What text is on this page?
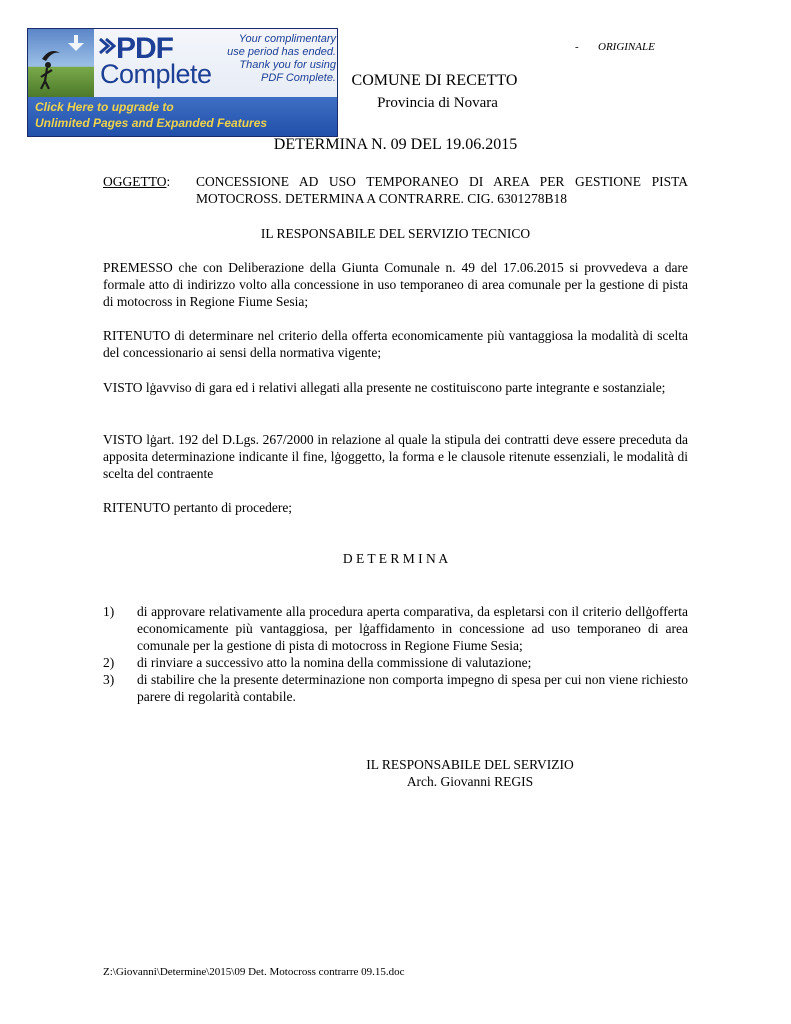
- ORIGINALE
COMUNE DI RECETTO
Provincia di Novara
PDF
Complete
Your complimentary
use period has ended.
Thank you for using
PDF Complete.
Click Here to upgrade to
Unlimited Pages and Expanded Features
DETERMINA N. 09 DEL 19.06.2015
OGGETTO: CONCESSIONE AD USO TEMPORANEO DI AREA PER GESTIONE PISTA
MOTOCROSS. DETERMINA A CONTRARRE. CIG. 6301278B18
IL RESPONSABILE DEL SERVIZIO TECNICO
PREMESSO che con Deliberazione della Giunta Comunale n. 49 del 17.06.2015 si provvedeva a dare formale atto di indirizzo volto alla concessione in uso temporaneo di area comunale per la gestione di pista di motocross in Regione Fiume Sesia;
RITENUTO di determinare nel criterio della offerta economicamente più vantaggiosa la modalità di scelta del concessionario ai sensi della normativa vigente;
VISTO lġavviso di gara ed i relativi allegati alla presente ne costituiscono parte integrante e sostanziale;
VISTO lġart. 192 del D.Lgs. 267/2000 in relazione al quale la stipula dei contratti deve essere preceduta da apposita determinazione indicante il fine, lġoggetto, la forma e le clausole ritenute essenziali, le modalità di scelta del contraente
RITENUTO pertanto di procedere;
D E T E R M I N A
1) di approvare relativamente alla procedura aperta comparativa, da espletarsi con il criterio dellġofferta economicamente più vantaggiosa, per lġaffidamento in concessione ad uso temporaneo di area comunale per la gestione di pista di motocross in Regione Fiume Sesia;
2) di rinviare a successivo atto la nomina della commissione di valutazione;
3) di stabilire che la presente determinazione non comporta impegno di spesa per cui non viene richiesto parere di regolarità contabile.
IL RESPONSABILE DEL SERVIZIO
Arch. Giovanni REGIS
Z:\Giovanni\Determine\2015\09 Det. Motocross contrarre 09.15.doc
